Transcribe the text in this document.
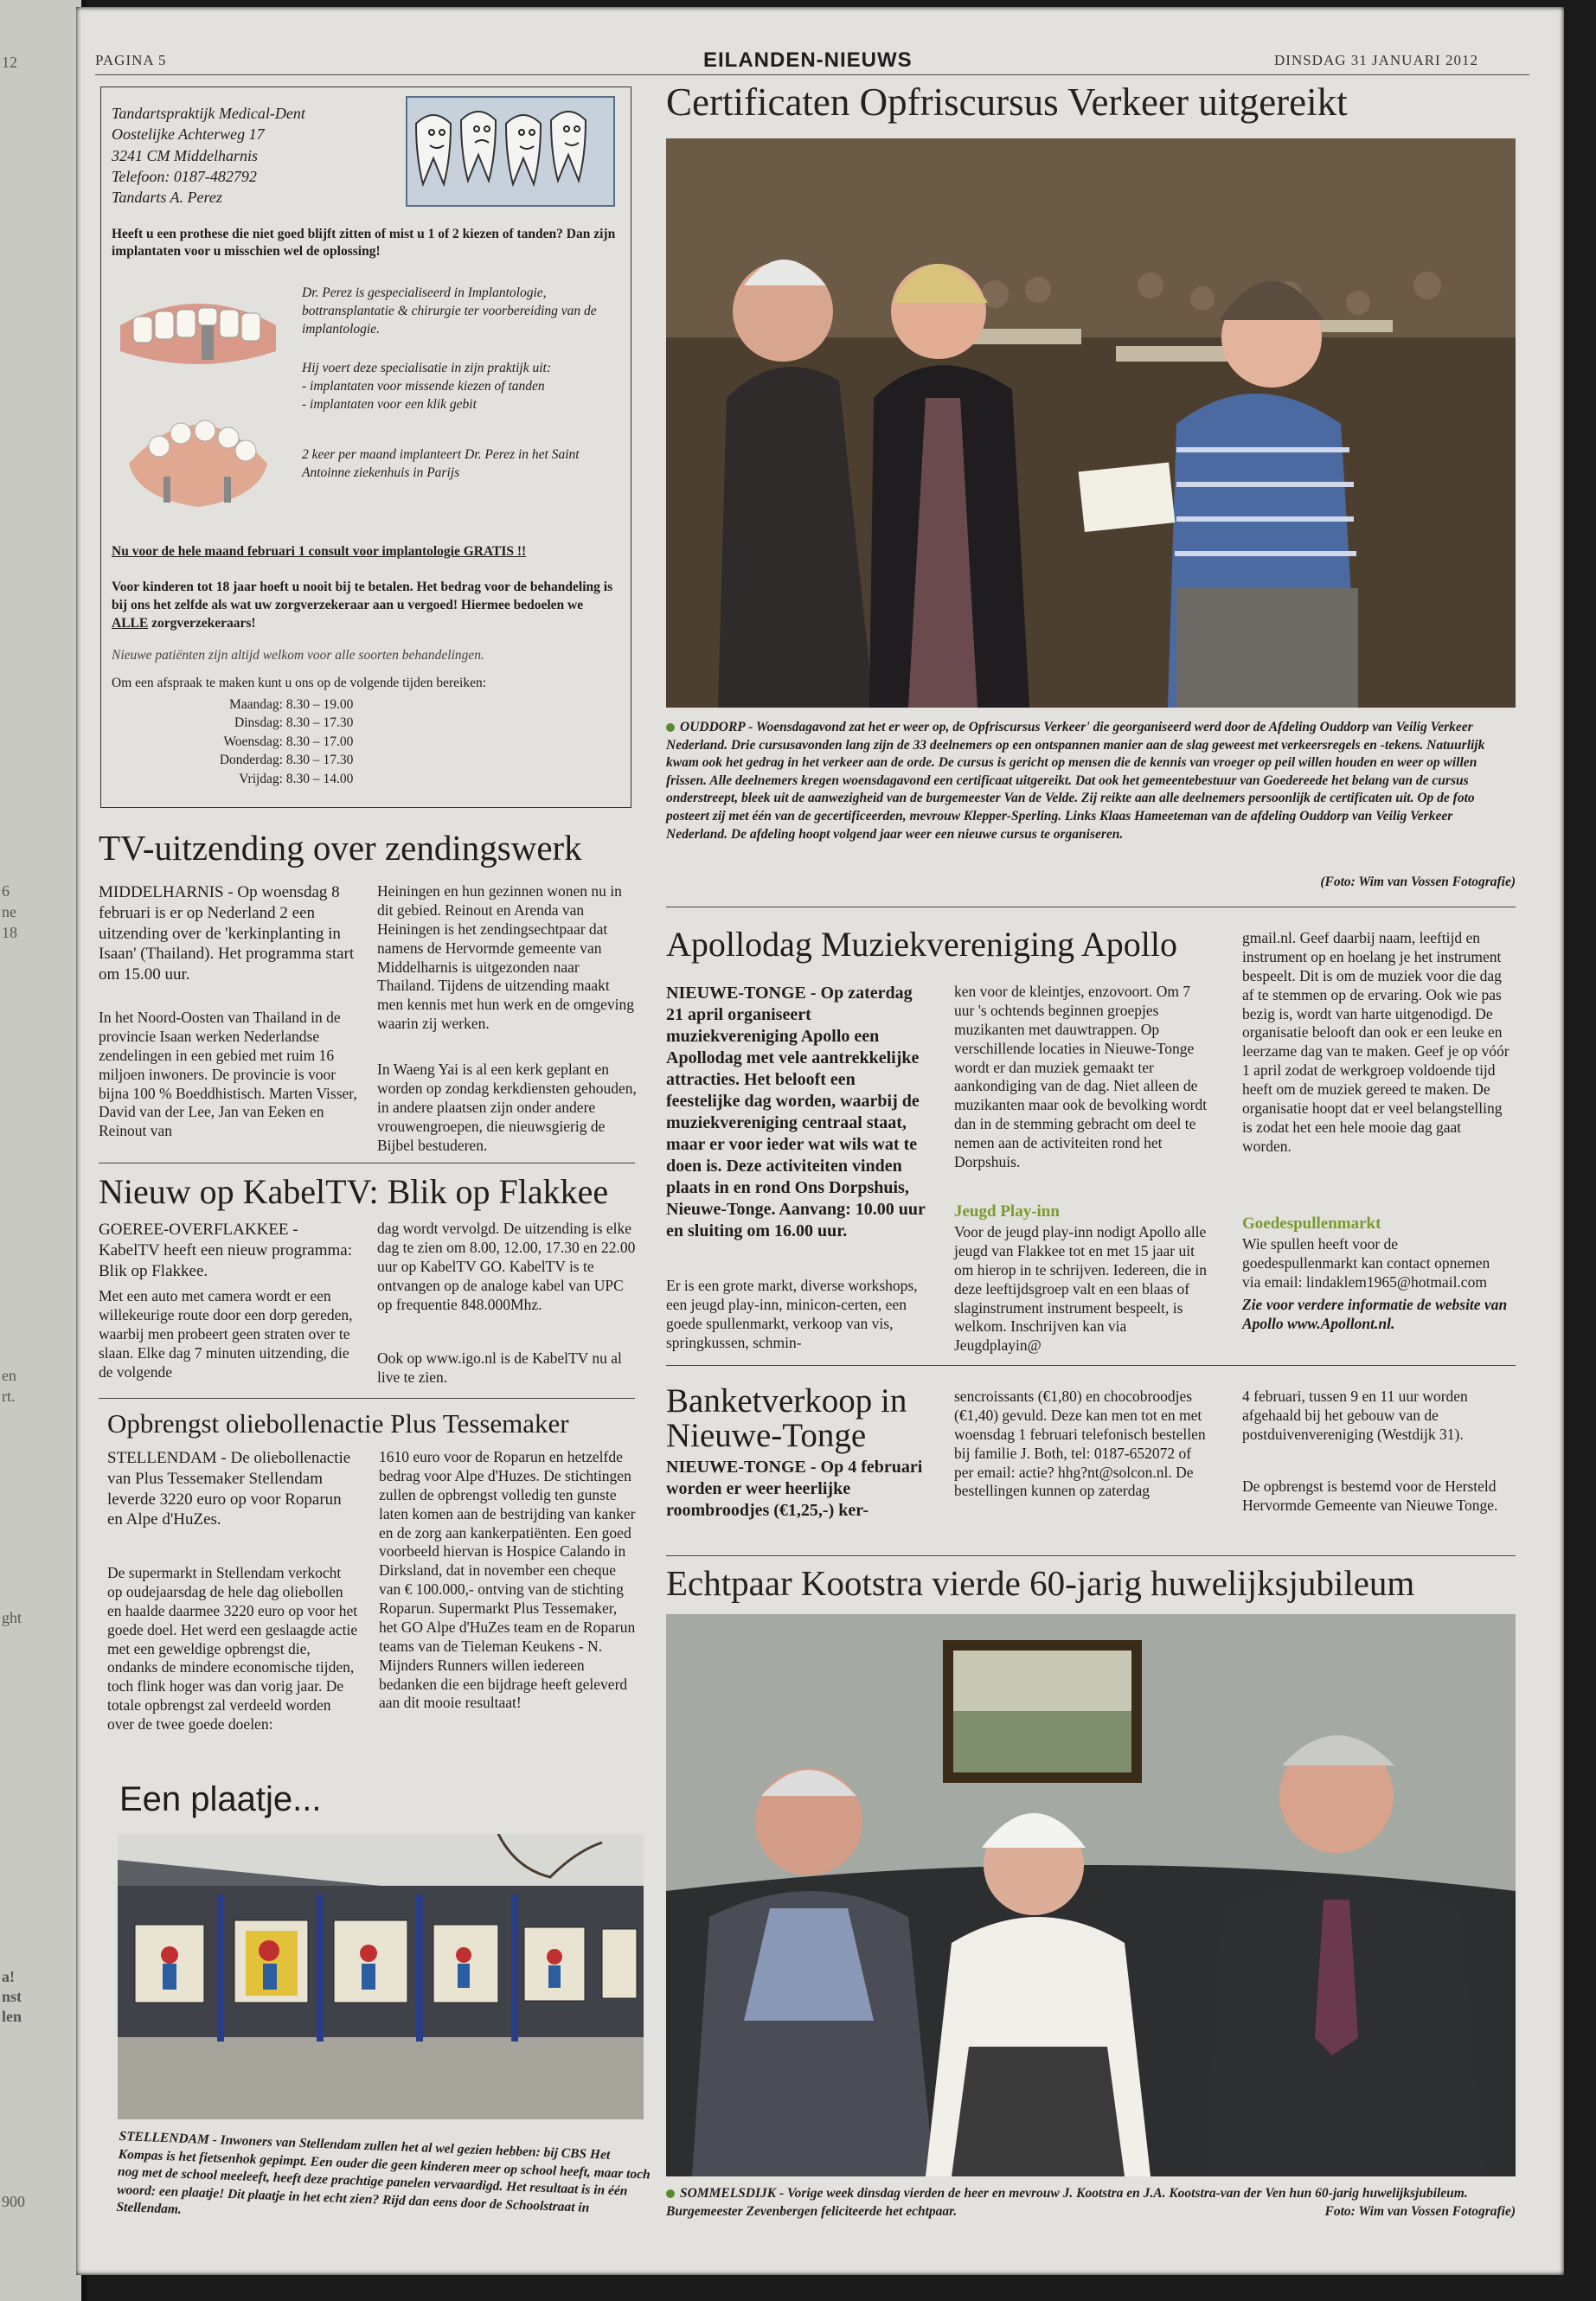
12
6
ne
18
en
rt.
ght
a!
nst
len
900
PAGINA 5	EILANDEN-NIEUWS	DINSDAG 31 JANUARI 2012
Tandartspraktijk Medical-Dent
Oostelijke Achterweg 17
3241 CM Middelharnis
Telefoon: 0187-482792
Tandarts A. Perez
Heeft u een prothese die niet goed blijft zitten of mist u 1 of 2 kiezen of tanden? Dan zijn implantaten voor u misschien wel de oplossing!
Dr. Perez is gespecialiseerd in Implantologie, bottransplantatie & chirurgie ter voorbereiding van de implantologie.
Hij voert deze specialisatie in zijn praktijk uit:
- implantaten voor missende kiezen of tanden
- implantaten voor een klik gebit
2 keer per maand implanteert Dr. Perez in het Saint Antoinne ziekenhuis in Parijs
Nu voor de hele maand februari 1 consult voor implantologie GRATIS !!
Voor kinderen tot 18 jaar hoeft u nooit bij te betalen. Het bedrag voor de behandeling is bij ons het zelfde als wat uw zorgverzekeraar aan u vergoed! Hiermee bedoelen we ALLE zorgverzekeraars!
Nieuwe patiënten zijn altijd welkom voor alle soorten behandelingen.
Om een afspraak te maken kunt u ons op de volgende tijden bereiken:
Maandag: 8.30 – 19.00
Dinsdag: 8.30 – 17.30
Woensdag: 8.30 – 17.00
Donderdag: 8.30 – 17.30
Vrijdag: 8.30 – 14.00
TV-uitzending over zendingswerk
MIDDELHARNIS - Op woensdag 8 februari is er op Nederland 2 een uitzending over de 'kerkinplanting in Isaan' (Thailand). Het programma start om 15.00 uur.
In het Noord-Oosten van Thailand in de provincie Isaan werken Nederlandse zendelingen in een gebied met ruim 16 miljoen inwoners. De provincie is voor bijna 100 % Boeddhistisch. Marten Visser, David van der Lee, Jan van Eeken en Reinout van
Heiningen en hun gezinnen wonen nu in dit gebied. Reinout en Arenda van Heiningen is het zendingsechtpaar dat namens de Hervormde gemeente van Middelharnis is uitgezonden naar Thailand. Tijdens de uitzending maakt men kennis met hun werk en de omgeving waarin zij werken.
In Waeng Yai is al een kerk geplant en worden op zondag kerkdiensten gehouden, in andere plaatsen zijn onder andere vrouwengroepen, die nieuwsgierig de Bijbel bestuderen.
Nieuw op KabelTV: Blik op Flakkee
GOEREE-OVERFLAKKEE - KabelTV heeft een nieuw programma: Blik op Flakkee.
Met een auto met camera wordt er een willekeurige route door een dorp gereden, waarbij men probeert geen straten over te slaan. Elke dag 7 minuten uitzending, die de volgende
dag wordt vervolgd. De uitzending is elke dag te zien om 8.00, 12.00, 17.30 en 22.00 uur op KabelTV GO. KabelTV is te ontvangen op de analoge kabel van UPC op frequentie 848.000Mhz.
Ook op www.igo.nl is de KabelTV nu al live te zien.
Opbrengst oliebollenactie Plus Tessemaker
STELLENDAM - De oliebollenactie van Plus Tessemaker Stellendam leverde 3220 euro op voor Roparun en Alpe d'HuZes.
De supermarkt in Stellendam verkocht op oudejaarsdag de hele dag oliebollen en haalde daarmee 3220 euro op voor het goede doel. Het werd een geslaagde actie met een geweldige opbrengst die, ondanks de mindere economische tijden, toch flink hoger was dan vorig jaar. De totale opbrengst zal verdeeld worden over de twee goede doelen:
1610 euro voor de Roparun en hetzelfde bedrag voor Alpe d'Huzes. De stichtingen zullen de opbrengst volledig ten gunste laten komen aan de bestrijding van kanker en de zorg aan kankerpatiënten. Een goed voorbeeld hiervan is Hospice Calando in Dirksland, dat in november een cheque van € 100.000,- ontving van de stichting Roparun. Supermarkt Plus Tessemaker, het GO Alpe d'HuZes team en de Roparun teams van de Tieleman Keukens - N. Mijnders Runners willen iedereen bedanken die een bijdrage heeft geleverd aan dit mooie resultaat!
Een plaatje...
STELLENDAM - Inwoners van Stellendam zullen het al wel gezien hebben: bij CBS Het Kompas is het fietsenhok gepimpt. Een ouder die geen kinderen meer op school heeft, maar toch nog met de school meeleeft, heeft deze prachtige panelen vervaardigd. Het resultaat is in één woord: een plaatje! Dit plaatje in het echt zien? Rijd dan eens door de Schoolstraat in Stellendam.
Certificaten Opfriscursus Verkeer uitgereikt
OUDDORP - Woensdagavond zat het er weer op, de Opfriscursus Verkeer' die georganiseerd werd door de Afdeling Ouddorp van Veilig Verkeer Nederland. Drie cursusavonden lang zijn de 33 deelnemers op een ontspannen manier aan de slag geweest met verkeersregels en -tekens. Natuurlijk kwam ook het gedrag in het verkeer aan de orde. De cursus is gericht op mensen die de kennis van vroeger op peil willen houden en weer op willen frissen. Alle deelnemers kregen woensdagavond een certificaat uitgereikt. Dat ook het gemeentebestuur van Goedereede het belang van de cursus onderstreept, bleek uit de aanwezigheid van de burgemeester Van de Velde. Zij reikte aan alle deelnemers persoonlijk de certificaten uit. Op de foto posteert zij met één van de gecertificeerden, mevrouw Klepper-Sperling. Links Klaas Hameeteman van de afdeling Ouddorp van Veilig Verkeer Nederland. De afdeling hoopt volgend jaar weer een nieuwe cursus te organiseren.
(Foto: Wim van Vossen Fotografie)
Apollodag Muziekvereniging Apollo
NIEUWE-TONGE - Op zaterdag 21 april organiseert muziekvereniging Apollo een Apollodag met vele aantrekkelijke attracties. Het belooft een feestelijke dag worden, waarbij de muziekvereniging centraal staat, maar er voor ieder wat wils wat te doen is. Deze activiteiten vinden plaats in en rond Ons Dorpshuis, Nieuwe-Tonge. Aanvang: 10.00 uur en sluiting om 16.00 uur.
Er is een grote markt, diverse workshops, een jeugd play-inn, minicon-certen, een goede spullenmarkt, verkoop van vis, springkussen, schmin-
ken voor de kleintjes, enzovoort. Om 7 uur 's ochtends beginnen groepjes muzikanten met dauwtrappen. Op verschillende locaties in Nieuwe-Tonge wordt er dan muziek gemaakt ter aankondiging van de dag. Niet alleen de muzikanten maar ook de bevolking wordt dan in de stemming gebracht om deel te nemen aan de activiteiten rond het Dorpshuis.
Jeugd Play-inn
Voor de jeugd play-inn nodigt Apollo alle jeugd van Flakkee tot en met 15 jaar uit om hierop in te schrijven. Iedereen, die in deze leeftijdsgroep valt en een blaas of slaginstrument instrument bespeelt, is welkom. Inschrijven kan via Jeugdplayin@
gmail.nl. Geef daarbij naam, leeftijd en instrument op en hoelang je het instrument bespeelt. Dit is om de muziek voor die dag af te stemmen op de ervaring. Ook wie pas bezig is, wordt van harte uitgenodigd. De organisatie belooft dan ook er een leuke en leerzame dag van te maken. Geef je op vóór 1 april zodat de werkgroep voldoende tijd heeft om de muziek gereed te maken. De organisatie hoopt dat er veel belangstelling is zodat het een hele mooie dag gaat worden.
Goedespullenmarkt
Wie spullen heeft voor de goedespullenmarkt kan contact opnemen via email: lindaklem1965@hotmail.com
Zie voor verdere informatie de website van Apollo www.Apollont.nl.
Banketverkoop in
Nieuwe-Tonge
NIEUWE-TONGE - Op 4 februari worden er weer heerlijke roombroodjes (€1,25,-) ker-
sencroissants (€1,80) en chocobroodjes (€1,40) gevuld. Deze kan men tot en met woensdag 1 februari telefonisch bestellen bij familie J. Both, tel: 0187-652072 of per email: actie? hhg?nt@solcon.nl. De bestellingen kunnen op zaterdag
4 februari, tussen 9 en 11 uur worden afgehaald bij het gebouw van de postduivenvereniging (Westdijk 31).
De opbrengst is bestemd voor de Hersteld Hervormde Gemeente van Nieuwe Tonge.
Echtpaar Kootstra vierde 60-jarig huwelijksjubileum
SOMMELSDIJK - Vorige week dinsdag vierden de heer en mevrouw J. Kootstra en J.A. Kootstra-van der Ven hun 60-jarig huwelijksjubileum. Burgemeester Zevenbergen feliciteerde het echtpaar.	Foto: Wim van Vossen Fotografie)
